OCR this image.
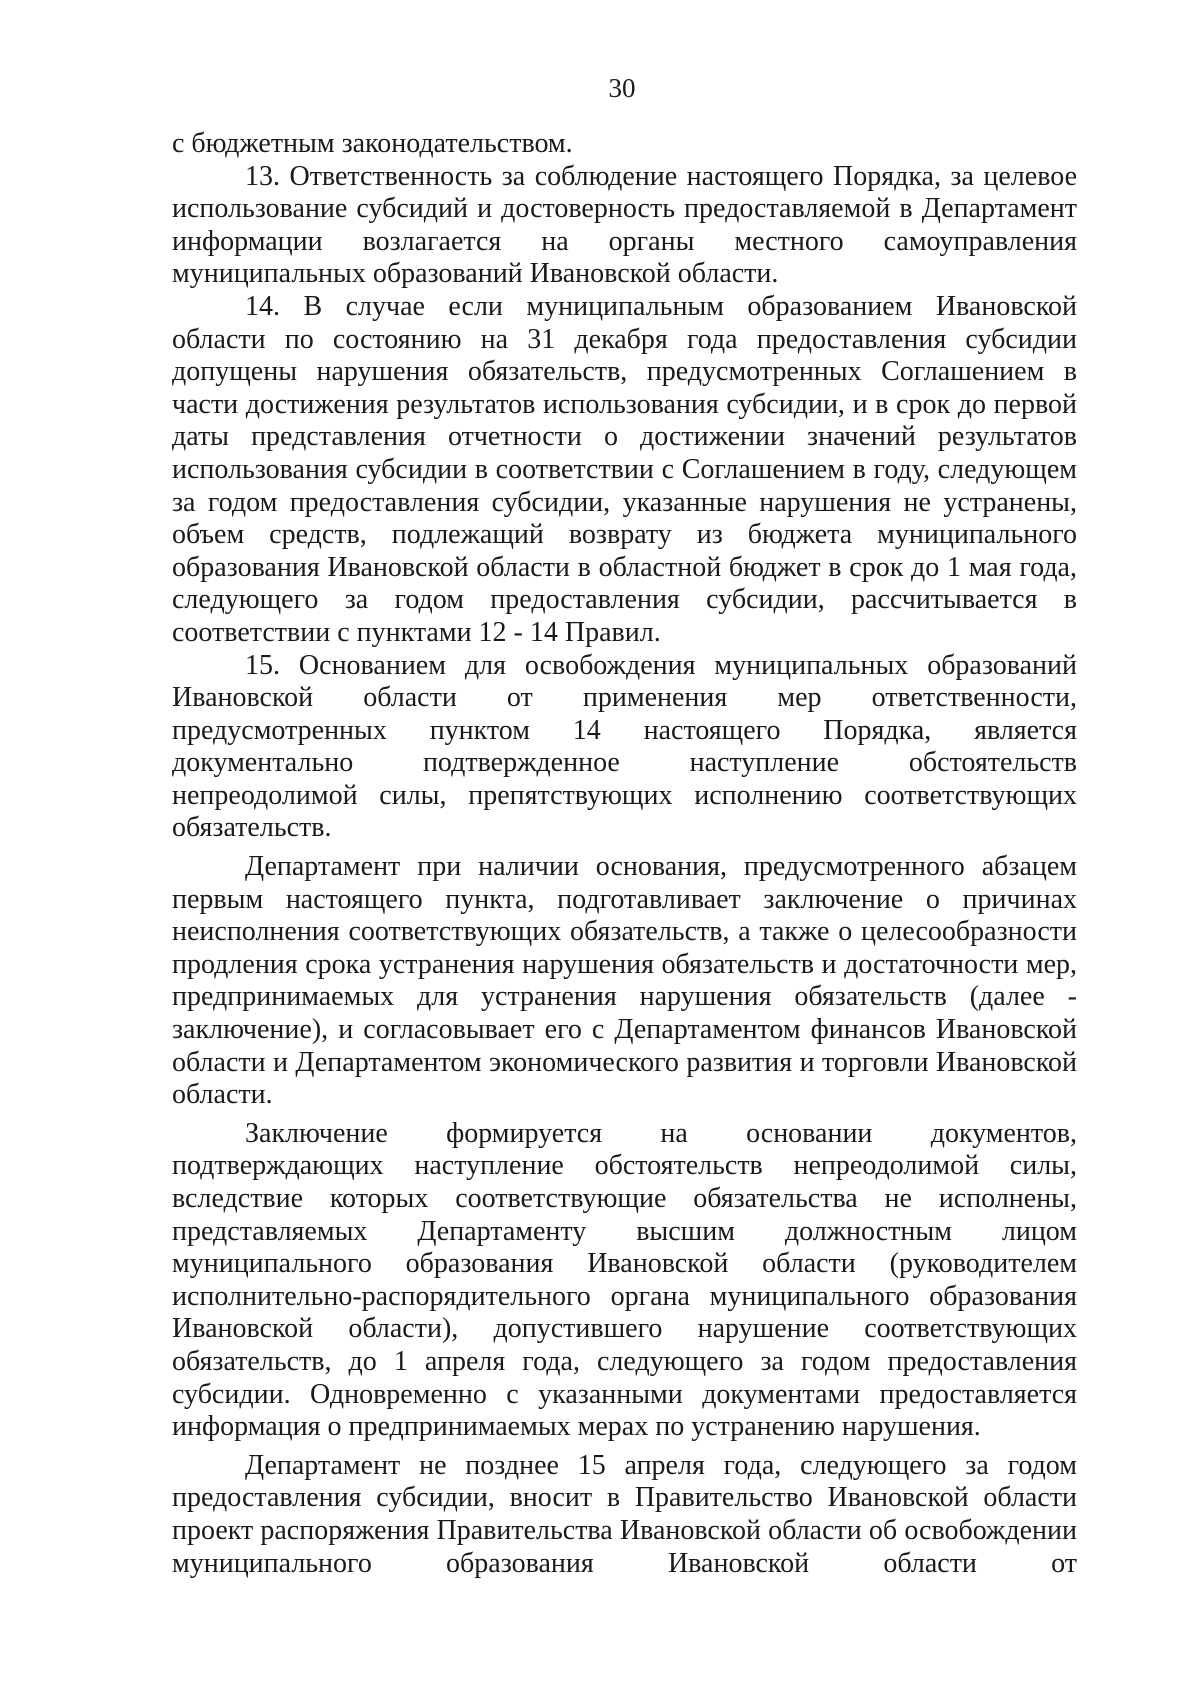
30

с бюджетным законодательством.

13. Ответственность за соблюдение настоящего Порядка, за целевое использование субсидий и достоверность предоставляемой в Департамент информации возлагается на органы местного самоуправления муниципальных образований Ивановской области.

14. В случае если муниципальным образованием Ивановской области по состоянию на 31 декабря года предоставления субсидии допущены нарушения обязательств, предусмотренных Соглашением в части достижения результатов использования субсидии, и в срок до первой даты представления отчетности о достижении значений результатов использования субсидии в соответствии с Соглашением в году, следующем за годом предоставления субсидии, указанные нарушения не устранены, объем средств, подлежащий возврату из бюджета муниципального образования Ивановской области в областной бюджет в срок до 1 мая года, следующего за годом предоставления субсидии, рассчитывается в соответствии с пунктами 12 - 14 Правил.

15. Основанием для освобождения муниципальных образований Ивановской области от применения мер ответственности, предусмотренных пунктом 14 настоящего Порядка, является документально подтвержденное наступление обстоятельств непреодолимой силы, препятствующих исполнению соответствующих обязательств.

Департамент при наличии основания, предусмотренного абзацем первым настоящего пункта, подготавливает заключение о причинах неисполнения соответствующих обязательств, а также о целесообразности продления срока устранения нарушения обязательств и достаточности мер, предпринимаемых для устранения нарушения обязательств (далее - заключение), и согласовывает его с Департаментом финансов Ивановской области и Департаментом экономического развития и торговли Ивановской области.

Заключение формируется на основании документов, подтверждающих наступление обстоятельств непреодолимой силы, вследствие которых соответствующие обязательства не исполнены, представляемых Департаменту высшим должностным лицом муниципального образования Ивановской области (руководителем исполнительно-распорядительного органа муниципального образования Ивановской области), допустившего нарушение соответствующих обязательств, до 1 апреля года, следующего за годом предоставления субсидии. Одновременно с указанными документами предоставляется информация о предпринимаемых мерах по устранению нарушения.

Департамент не позднее 15 апреля года, следующего за годом предоставления субсидии, вносит в Правительство Ивановской области проект распоряжения Правительства Ивановской области об освобождении муниципального образования Ивановской области от
